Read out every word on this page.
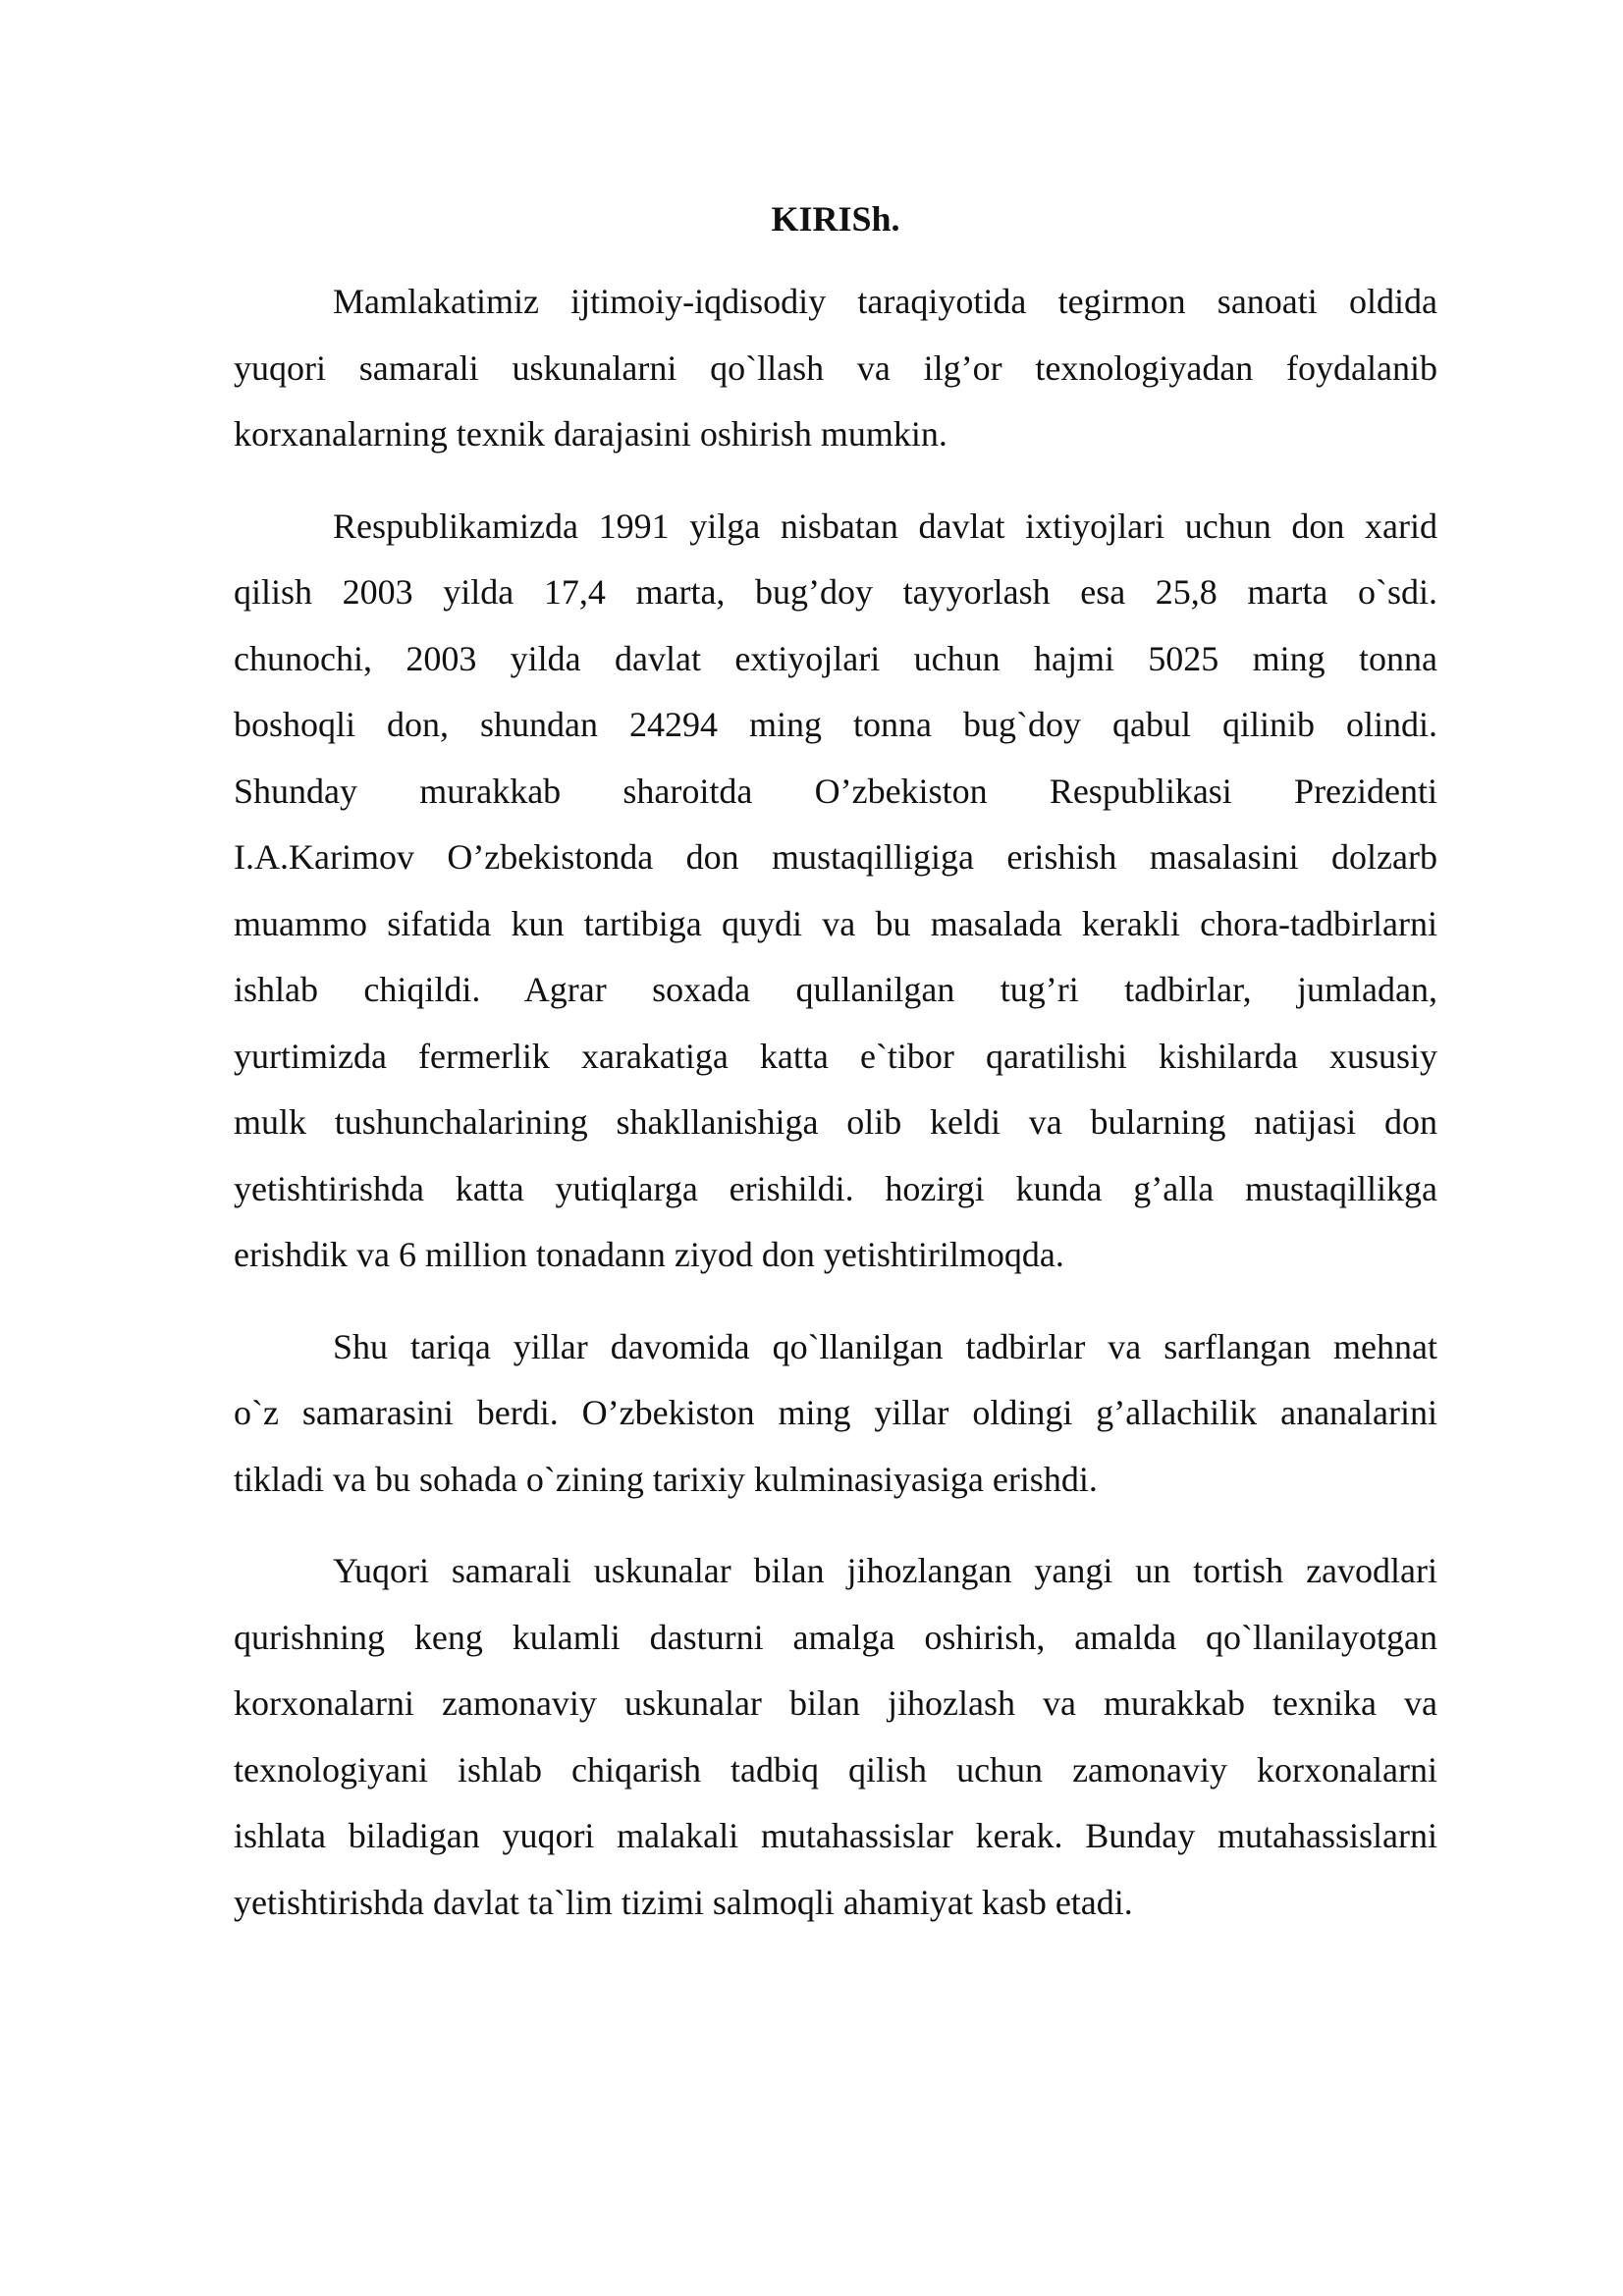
KIRISh.
Mamlakatimiz ijtimoiy-iqdisodiy taraqiyotida tegirmon sanoati oldida
yuqori samarali uskunalarni qo`llash va ilg’or texnologiyadan foydalanib
korxanalarning texnik darajasini oshirish mumkin.
Respublikamizda 1991 yilga nisbatan davlat ixtiyojlari uchun don xarid
qilish 2003 yilda 17,4 marta, bug’doy tayyorlash esa 25,8 marta o`sdi.
chunochi, 2003 yilda davlat extiyojlari uchun hajmi 5025 ming tonna
boshoqli don, shundan 24294 ming tonna bug`doy qabul qilinib olindi.
Shunday murakkab sharoitda O’zbekiston Respublikasi Prezidenti
I.A.Karimov O’zbekistonda don mustaqilligiga erishish masalasini dolzarb
muammo sifatida kun tartibiga quydi va bu masalada kerakli chora-tadbirlarni
ishlab chiqildi. Agrar soxada qullanilgan tug’ri tadbirlar, jumladan,
yurtimizda fermerlik xarakatiga katta e`tibor qaratilishi kishilarda xususiy
mulk tushunchalarining shakllanishiga olib keldi va bularning natijasi don
yetishtirishda katta yutiqlarga erishildi. hozirgi kunda g’alla mustaqillikga
erishdik va 6 million tonadann ziyod don yetishtirilmoqda.
Shu tariqa yillar davomida qo`llanilgan tadbirlar va sarflangan mehnat
o`z samarasini berdi. O’zbekiston ming yillar oldingi g’allachilik ananalarini
tikladi va bu sohada o`zining tarixiy kulminasiyasiga erishdi.
Yuqori samarali uskunalar bilan jihozlangan yangi un tortish zavodlari
qurishning keng kulamli dasturni amalga oshirish, amalda qo`llanilayotgan
korxonalarni zamonaviy uskunalar bilan jihozlash va murakkab texnika va
texnologiyani ishlab chiqarish tadbiq qilish uchun zamonaviy korxonalarni
ishlata biladigan yuqori malakali mutahassislar kerak. Bunday mutahassislarni
yetishtirishda davlat ta`lim tizimi salmoqli ahamiyat kasb etadi.
